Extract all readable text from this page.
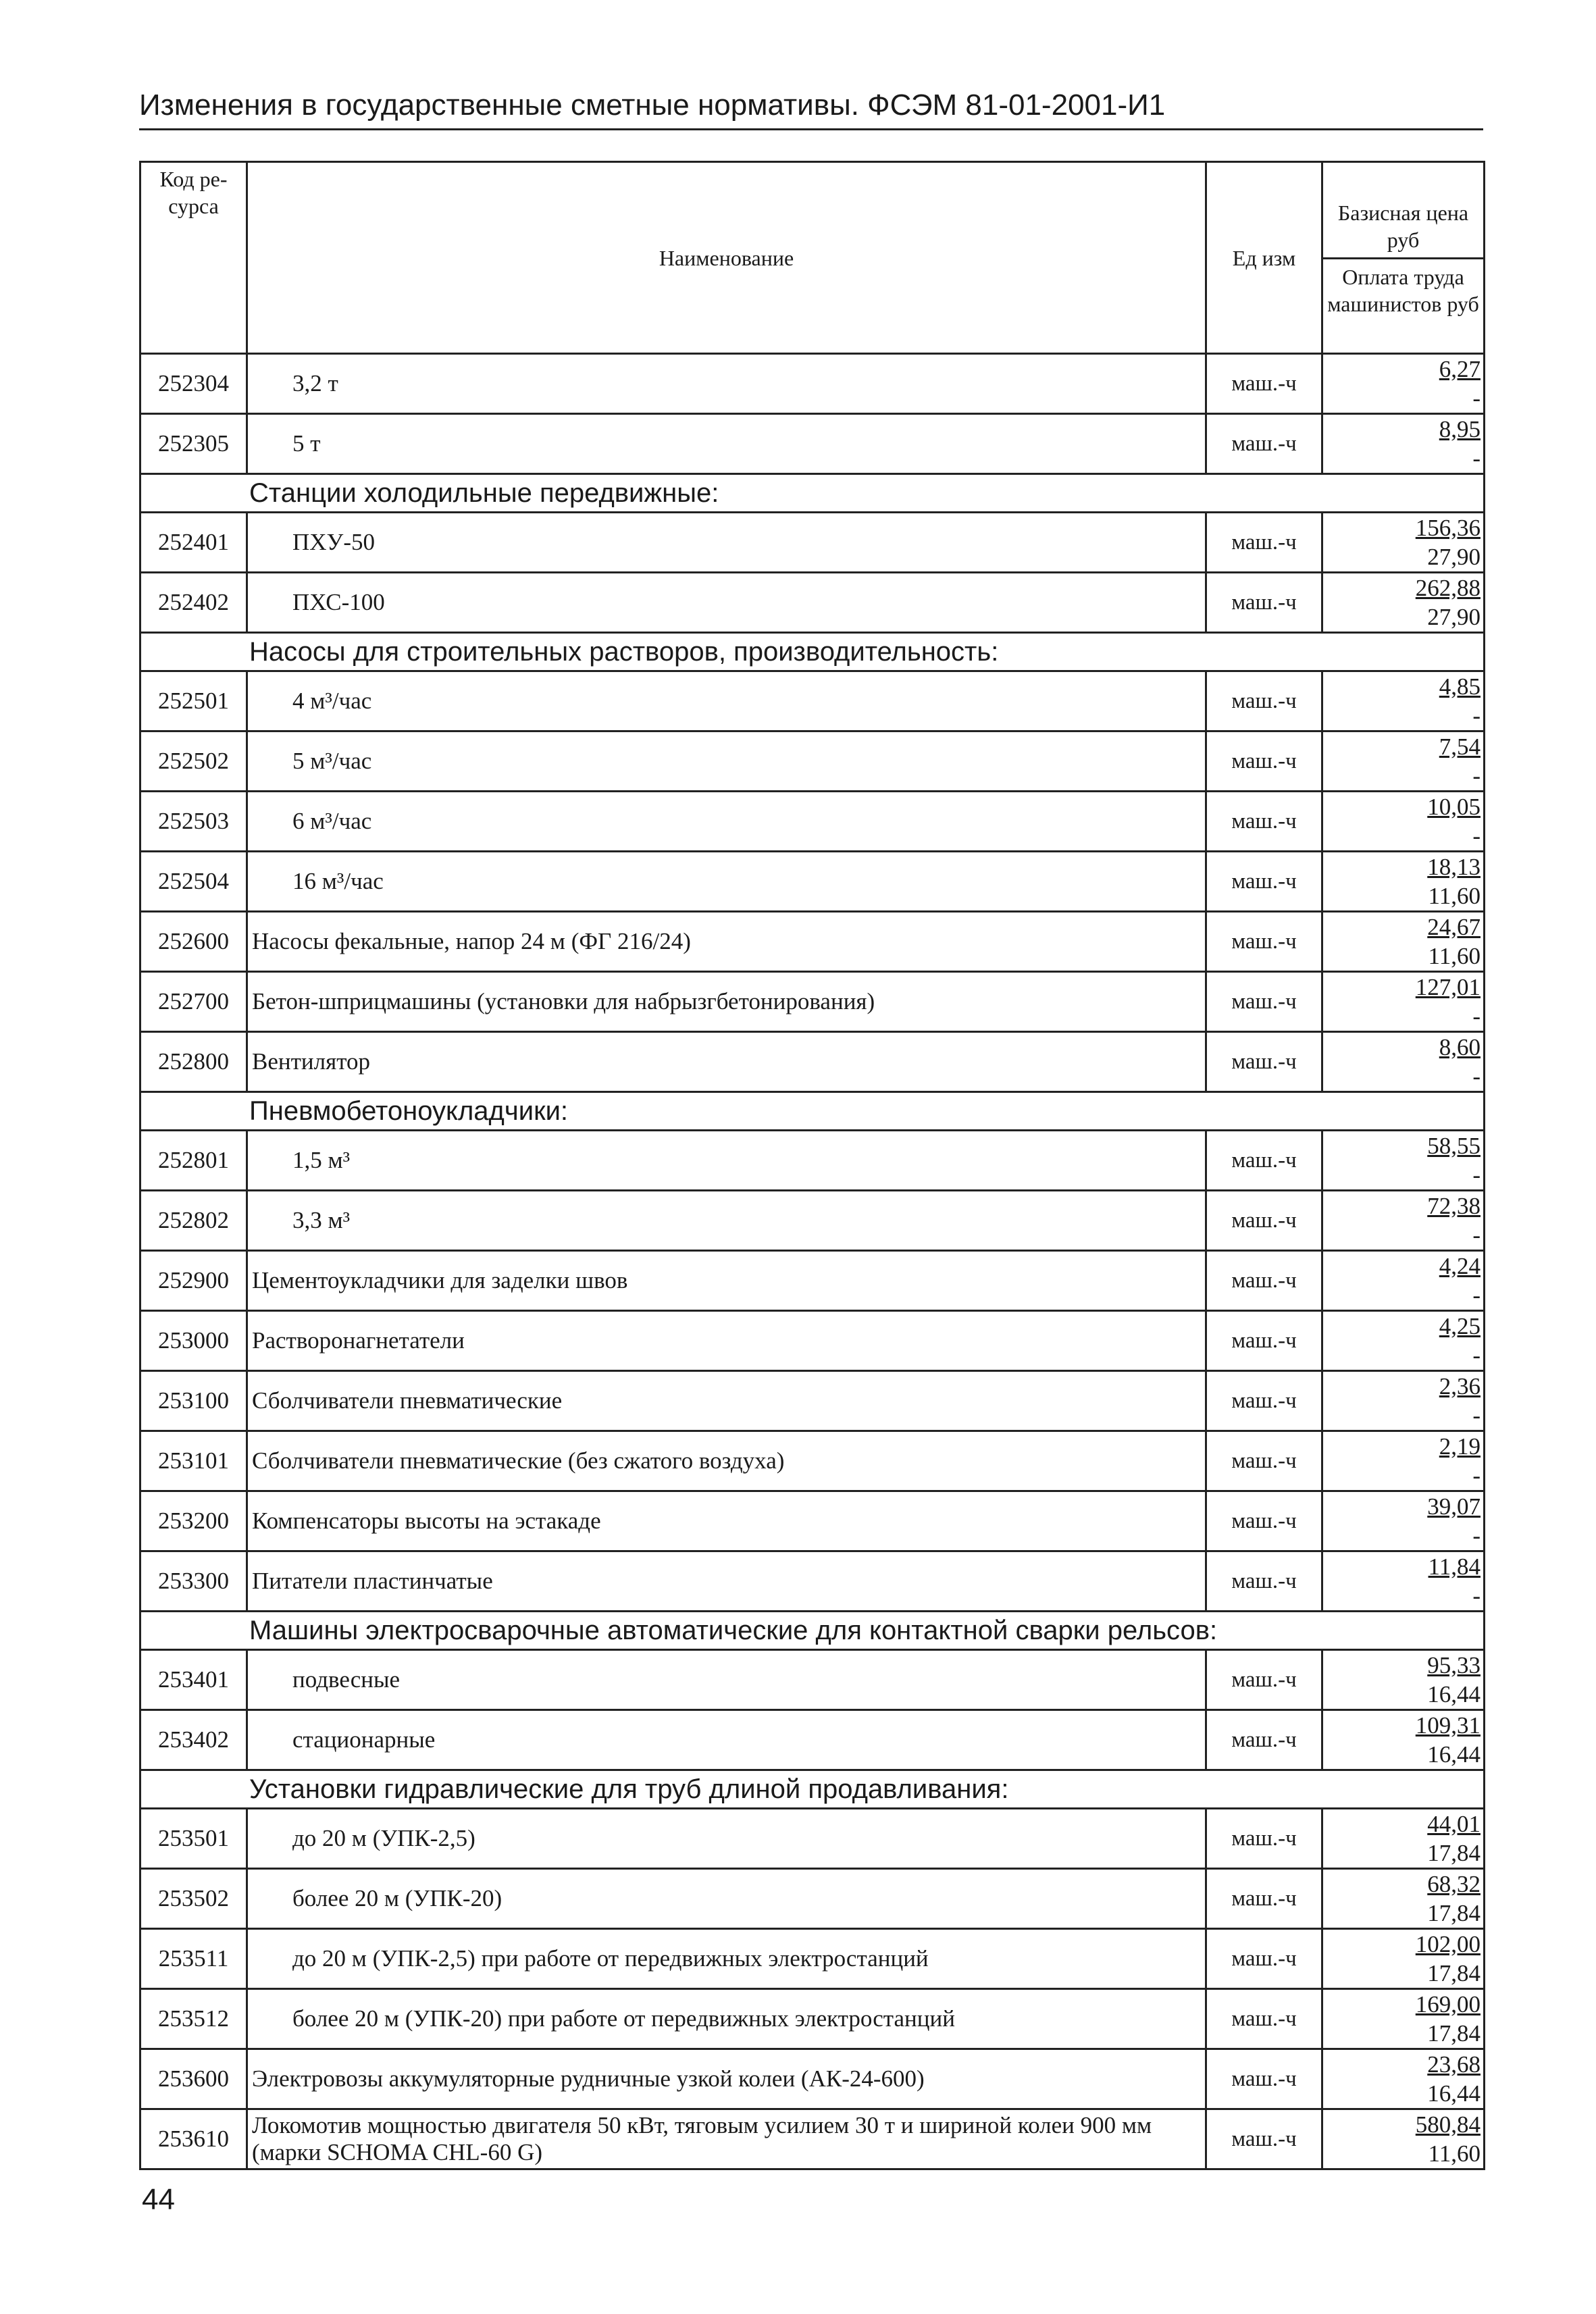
Изменения в государственные сметные нормативы. ФСЭМ 81-01-2001-И1
Код ре-сурса	Наименование	Ед изм	Базисная цена руб
			Оплата труда машинистов руб
252304	3,2 т	маш.-ч	6,27
-

252305	5 т	маш.-ч	8,95
-

Станции холодильные передвижные:			
252401	ПХУ-50	маш.-ч	156,36
27,90

252402	ПХС-100	маш.-ч	262,88
27,90

Насосы для строительных растворов, производительность:			
252501	4 м³/час	маш.-ч	4,85
-

252502	5 м³/час	маш.-ч	7,54
-

252503	6 м³/час	маш.-ч	10,05
-

252504	16 м³/час	маш.-ч	18,13
11,60

252600	Насосы фекальные, напор 24 м (ФГ 216/24)	маш.-ч	24,67
11,60

252700	Бетон-шприцмашины (установки для набрызгбетонирования)	маш.-ч	127,01
-

252800	Вентилятор	маш.-ч	8,60
-

Пневмобетоноукладчики:			
252801	1,5 м³	маш.-ч	58,55
-

252802	3,3 м³	маш.-ч	72,38
-

252900	Цементоукладчики для заделки швов	маш.-ч	4,24
-

253000	Растворонагнетатели	маш.-ч	4,25
-

253100	Сболчиватели пневматические	маш.-ч	2,36
-

253101	Сболчиватели пневматические (без сжатого воздуха)	маш.-ч	2,19
-

253200	Компенсаторы высоты на эстакаде	маш.-ч	39,07
-

253300	Питатели пластинчатые	маш.-ч	11,84
-

Машины электросварочные автоматические для контактной сварки рельсов:			
253401	подвесные	маш.-ч	95,33
16,44

253402	стационарные	маш.-ч	109,31
16,44

Установки гидравлические для труб длиной продавливания:			
253501	до 20 м (УПК-2,5)	маш.-ч	44,01
17,84

253502	более 20 м (УПК-20)	маш.-ч	68,32
17,84

253511	до 20 м (УПК-2,5) при работе от передвижных электростанций	маш.-ч	102,00
17,84

253512	более 20 м (УПК-20) при работе от передвижных электростанций	маш.-ч	169,00
17,84

253600	Электровозы аккумуляторные рудничные узкой колеи (АК-24-600)	маш.-ч	23,68
16,44

253610	Локомотив мощностью двигателя 50 кВт, тяговым усилием 30 т и шириной колеи 900 мм (марки SCHOMA CHL-60 G)	маш.-ч	580,84
11,60
44
